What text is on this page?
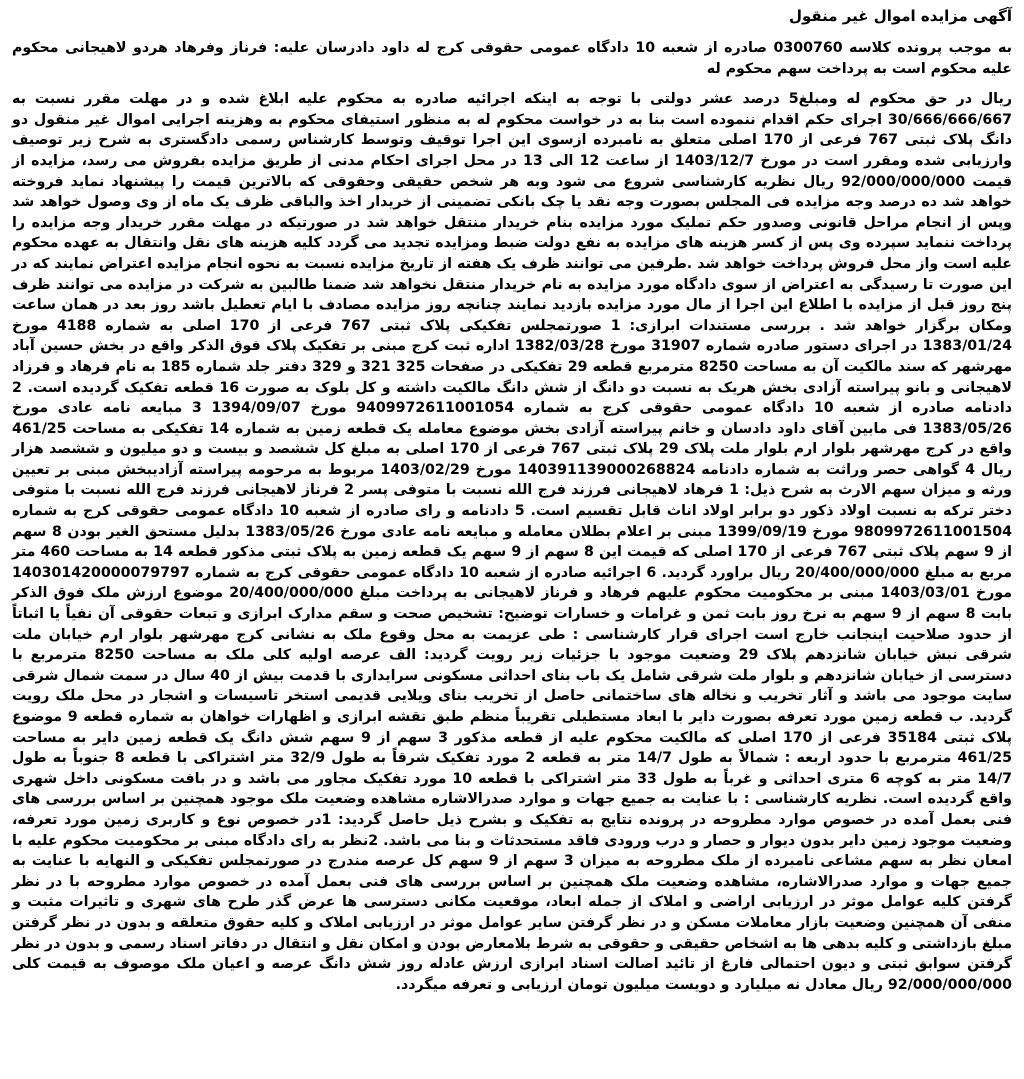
آگهی مزایده اموال غیر منقول

به موجب پرونده کلاسه 0300760 صادره از شعبه 10 دادگاه عمومی حقوقی کرج له داود دادرسان علیه: فرناز وفرهاد هردو لاهیجانی محکوم علیه محکوم است به پرداخت سهم محکوم له

ریال در حق محکوم له ومبلغ5 درصد عشر دولتی با توجه به اینکه اجرائیه صادره به محکوم علیه ابلاغ شده و در مهلت مقرر نسبت به 30/666/666/667 اجرای حکم اقدام ننموده است بنا به در خواست محکوم له به منظور استیفای محکوم به وهزینه اجرایی اموال غیر منقول دو دانگ پلاک ثبتی 767 فرعی از 170 اصلی متعلق به نامبرده ازسوی این اجرا توقیف وتوسط کارشناس رسمی دادگستری به شرح زیر توصیف وارزیابی شده ومقرر است در مورخ 1403/12/7 از ساعت 12 الی 13 در محل اجرای احکام مدنی از طریق مزایده بفروش می رسد، مزایده از قیمت 92/000/000/000 ریال نظریه کارشناسی شروع می شود وبه هر شخص حقیقی وحقوقی که بالاترین قیمت را پیشنهاد نماید فروخته خواهد شد ده درصد وجه مزایده فی المجلس بصورت وجه نقد یا چک بانکی تضمینی از خریدار اخذ والباقی ظرف یک ماه از وی وصول خواهد شد وپس از انجام مراحل قانونی وصدور حکم تملیک مورد مزایده بنام خریدار منتقل خواهد شد در صورتیکه در مهلت مقرر خریدار وجه مزایده را پرداخت ننماید سپرده وی پس از کسر هزینه های مزایده به نفع دولت ضبط ومزایده تجدید می گردد کلیه هزینه های نقل وانتقال به عهده محکوم علیه است واز محل فروش پرداخت خواهد شد .طرفین می توانند ظرف یک هفته از تاریخ مزایده نسبت به نحوه انجام مزایده اعتراض نمایند که در این صورت تا رسیدگی به اعتراض از سوی دادگاه مورد مزایده به نام خریدار منتقل نخواهد شد ضمنا طالبین به شرکت در مزایده می توانند ظرف پنج روز قبل از مزایده با اطلاع این اجرا از مال مورد مزایده بازدید نمایند چنانچه روز مزایده مصادف با ایام تعطیل باشد روز بعد در همان ساعت ومکان برگزار خواهد شد . بررسی مستندات ابرازی: 1 صورتمجلس تفکیکی پلاک ثبتی 767 فرعی از 170 اصلی به شماره 4188 مورخ 1383/01/24 در اجرای دستور صادره شماره 31907 مورخ 1382/03/28 اداره ثبت کرج مبنی بر تفکیک پلاک فوق الذکر واقع در بخش حسین آباد مهرشهر که سند مالکیت آن به مساحت 8250 مترمربع قطعه 29 تفکیکی در صفحات 325 321 و 329 دفتر جلد شماره 185 به نام فرهاد و فرزاد لاهیجانی و بانو پیراسته آزادی بخش هریک به نسبت دو دانگ از شش دانگ مالکیت داشته و کل بلوک به صورت 16 قطعه تفکیک گردیده است. 2 دادنامه صادره از شعبه 10 دادگاه عمومی حقوقی کرج به شماره 9409972611001054 مورخ 1394/09/07 3 مبایعه نامه عادی مورخ 1383/05/26 فی مابین آقای داود دادسان و خانم پیراسته آزادی بخش موضوع معامله یک قطعه زمین به شماره 14 تفکیکی به مساحت 461/25 واقع در کرج مهرشهر بلوار ارم بلوار ملت پلاک 29 پلاک ثبتی 767 فرعی از 170 اصلی به مبلغ کل ششصد و بیست و دو میلیون و ششصد هزار ریال 4 گواهی حصر وراثت به شماره دادنامه 140391139000268824 مورخ 1403/02/29 مربوط به مرحومه پیراسته آزادیبخش مبنی بر تعیین ورثه و میزان سهم الارث به شرح ذیل: 1 فرهاد لاهیجانی فرزند فرج الله نسبت با متوفی پسر 2 فرناز لاهیجانی فرزند فرج الله نسبت با متوفی دختر ترکه به نسبت اولاد ذکور دو برابر اولاد اناث قابل تقسیم است. 5 دادنامه و رای صادره از شعبه 10 دادگاه عمومی حقوقی کرج به شماره 9809972611001504 مورخ 1399/09/19 مبنی بر اعلام بطلان معامله و مبایعه نامه عادی مورخ 1383/05/26 بدلیل مستحق الغیر بودن 8 سهم از 9 سهم پلاک ثبتی 767 فرعی از 170 اصلی که قیمت این 8 سهم از 9 سهم یک قطعه زمین به پلاک ثبتی مذکور قطعه 14 به مساحت 460 متر مربع به مبلغ 20/400/000/000 ریال براورد گردید. 6 اجرائیه صادره از شعبه 10 دادگاه عمومی حقوقی کرج به شماره 140301420000079797 مورخ 1403/03/01 مبنی بر محکومیت محکوم علیهم فرهاد و فرناز لاهیجانی به پرداخت مبلغ 20/400/000/000 موضوع ارزش ملک فوق الذکر بابت 8 سهم از 9 سهم به نرخ روز بابت ثمن و غرامات و خسارات توضیح: تشخیص صحت و سقم مدارک ابرازی و تبعات حقوقی آن نفیاً یا اثباتاً از حدود صلاحیت اینجانب خارج است اجرای قرار کارشناسی : طی عزیمت به محل وقوع ملک به نشانی کرج مهرشهر بلوار ارم خیابان ملت شرقی نبش خیابان شانزدهم پلاک 29 وضعیت موجود با جزئیات زیر رویت گردید: الف عرصه اولیه کلی ملک به مساحت 8250 مترمربع با دسترسی از خیابان شانزدهم و بلوار ملت شرقی شامل یک باب بنای احداثی مسکونی سرایداری با قدمت بیش از 40 سال در سمت شمال شرقی سایت موجود می باشد و آثار تخریب و نخاله های ساختمانی حاصل از تخریب بنای ویلایی قدیمی استخر تاسیسات و اشجار در محل ملک رویت گردید. ب قطعه زمین مورد تعرفه بصورت دایر با ابعاد مستطیلی تقریباً منظم طبق نقشه ابرازی و اظهارات خواهان به شماره قطعه 9 موضوع پلاک ثبتی 35184 فرعی از 170 اصلی که مالکیت محکوم علیه از قطعه مذکور 3 سهم از 9 سهم شش دانگ یک قطعه زمین دایر به مساحت 461/25 مترمربع با حدود اربعه : شمالاً به طول 14/7 متر به قطعه 2 مورد تفکیک شرقاً به طول 32/9 متر اشتراکی با قطعه 8 جنوباً به طول 14/7 متر به کوچه 6 متری احداثی و غرباً به طول 33 متر اشتراکی با قطعه 10 مورد تفکیک مجاور می باشد و در بافت مسکونی داخل شهری واقع گردیده است. نظریه کارشناسی : با عنایت به جمیع جهات و موارد صدرالاشاره مشاهده وضعیت ملک موجود همچنین بر اساس بررسی های فنی بعمل آمده در خصوص موارد مطروحه در پرونده نتایج به تفکیک و بشرح ذیل حاصل گردید: 1در خصوص نوع و کاربری زمین مورد تعرفه، وضعیت موجود زمین دایر بدون دیوار و حصار و درب ورودی فاقد مستحدثات و بنا می باشد. 2نظر به رای دادگاه مبنی بر محکومیت محکوم علیه با امعان نظر به سهم مشاعی نامبرده از ملک مطروحه به میزان 3 سهم از 9 سهم کل عرصه مندرج در صورتمجلس تفکیکی و النهایه با عنایت به جمیع جهات و موارد صدرالاشاره، مشاهده وضعیت ملک همچنین بر اساس بررسی های فنی بعمل آمده در خصوص موارد مطروحه با در نظر گرفتن کلیه عوامل موثر در ارزیابی اراضی و املاک از جمله ابعاد، موقعیت مکانی دسترسی ها عرض گذر طرح های شهری و تاثیرات مثبت و منفی آن همچنین وضعیت بازار معاملات مسکن و در نظر گرفتن سایر عوامل موثر در ارزیابی املاک و کلیه حقوق متعلقه و بدون در نظر گرفتن مبلغ بازداشتی و کلیه بدهی ها به اشخاص حقیقی و حقوقی به شرط بلامعارض بودن و امکان نقل و انتقال در دفاتر اسناد رسمی و بدون در نظر گرفتن سوابق ثبتی و دیون احتمالی فارغ از تائید اصالت اسناد ابرازی ارزش عادله روز شش دانگ عرصه و اعیان ملک موصوف به قیمت کلی 92/000/000/000 ریال معادل نه میلیارد و دویست میلیون تومان ارزیابی و تعرفه میگردد.
